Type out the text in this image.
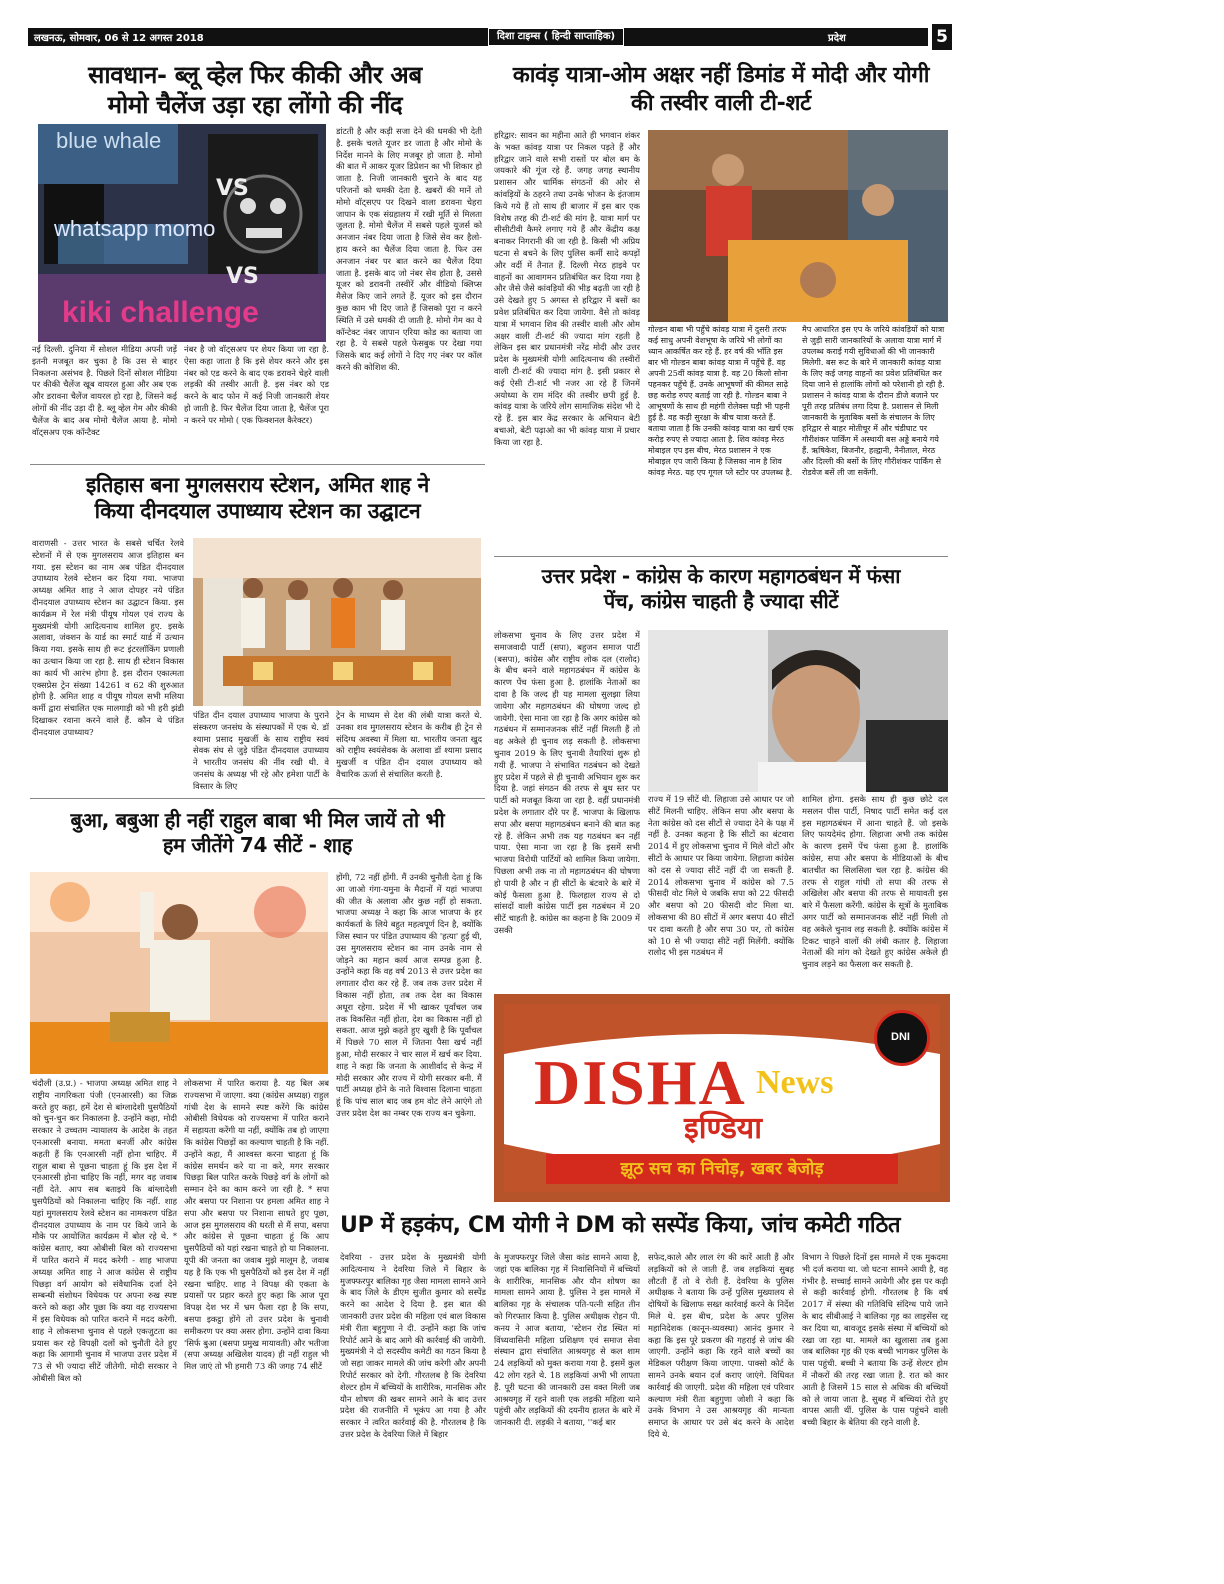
लखनऊ, सोमवार, 06 से 12 अगस्त 2018	दिशा टाइम्स ( हिन्दी साप्ताहिक)	प्रदेश	5
सावधान- ब्लू व्हेल फिर कीकी और अब
मोमो चैलेंज उड़ा रहा लोंगो की नींद
blue whale
VS
whatsapp momo
VS
kiki challenge
नई दिल्ली. दुनिया में सोशल मीडिया अपनी जड़ें इतनी मजबूत कर चुका है कि उस से बाहर निकलना असंभव है. पिछले दिनों सोशल मीडिया पर कीकी चैलेंज खूब वायरल हुआ और अब एक और डरावना चैलेंज वायरल हो रहा है, जिसने कई लोगों की नींद उड़ा दी है. ब्लू व्हेल गेम और कीकी चैलेंज के बाद अब मोमो चैलेंज आया है. मोमो वॉट्सअप एक कॉन्टैक्ट
नंबर है जो वॉट्सअप पर शेयर किया जा रहा है. ऐसा कहा जाता है कि इसे शेयर करने और इस नंबर को एड करने के बाद एक डरावने चेहरे वाली लड़की की तस्वीर आती है. इस नंबर को एड करने के बाद फोन में कई निजी जानकारी शेयर हो जाती है. फिर चैलेंज दिया जाता है, चैलेंज पूरा न करने पर मोमो ( एक फिक्शनल कैरेक्टर)
डांटती है और कड़ी सजा देने की धमकी भी देती है. इसके चलते यूजर डर जाता है और मोमो के निर्देश मानने के लिए मजबूर हो जाता है. मोमो की बात में आकर यूजर डिप्रेशन का भी शिकार हो जाता है. निजी जानकारी चुराने के बाद यह परिजनों को धमकी देता है. खबरों की मानें तो मोमो वॉट्सएप पर दिखने वाला डरावना चेहरा जापान के एक संग्रहालय में रखी मूर्ति से मिलता जुलता है. मोमो चैलेंज में सबसे पहले यूजर्स को अनजान नंबर दिया जाता है जिसे सेव कर हैलो-हाय करने का चैलेंज दिया जाता है. फिर उस अनजान नंबर पर बात करने का चैलेंज दिया जाता है. इसके बाद जो नंबर सेव होता है, उससे यूजर को डरावनी तस्वीरें और वीडियो क्लिप्स मैसेज किए जाने लगते हैं. यूजर को इस दौरान कुछ काम भी दिए जाते हैं जिसको पूरा न करने स्थिति में उसे धमकी दी जाती है. मोमो गेम का ये कॉन्टेक्ट नंबर जापान एरिया कोड का बताया जा रहा है. ये सबसे पहले फेसबुक पर देखा गया जिसके बाद कई लोगों ने दिए गए नंबर पर कॉल करने की कोशिश की.
कावंड़ यात्रा-ओम अक्षर नहीं डिमांड में मोदी और योगी
की तस्वीर वाली टी-शर्ट
हरिद्वार: सावन का महीना आते ही भगवान शंकर के भक्त कांवड़ यात्रा पर निकल पड़ते हैं और हरिद्वार जाने वाले सभी रास्तों पर बोल बम के जयकारे की गूंज रहे हैं. जगह जगह स्थानीय प्रशासन और धार्मिक संगठनों की ओर से कांवड़ियों के ठहरने तथा उनके भोजन के इंतजाम किये गये हैं तो साथ ही बाजार में इस बार एक विशेष तरह की टी-शर्ट की मांग है. यात्रा मार्ग पर सीसीटीवी कैमरे लगाए गये हैं और केंद्रीय कक्ष बनाकर निगरानी की जा रही है. किसी भी अप्रिय घटना से बचने के लिए पुलिस कर्मी सादे कपड़ों और वर्दी में तैनात हैं. दिल्ली मेरठ हाइवे पर वाहनों का आवागमन प्रतिबंधित कर दिया गया है और जैसे जैसे कांवड़ियों की भीड़ बढ़ती जा रही है उसे देखते हुए 5 अगस्त से हरिद्वार में बसों का प्रवेश प्रतिबंधित कर दिया जायेगा. वैसे तो कांवड़ यात्रा में भगवान शिव की तस्वीर वाली और ओम अक्षर वाली टी-शर्ट की ज्यादा मांग रहती है लेकिन इस बार प्रधानमंत्री नरेंद्र मोदी और उत्तर प्रदेश के मुख्यमंत्री योगी आदित्यनाथ की तस्वीरों वाली टी-शर्ट की ज्यादा मांग है. इसी प्रकार से कई ऐसी टी-शर्ट भी नजर आ रहे हैं जिनमें अयोध्या के राम मंदिर की तस्वीर छपी हुई है. कांवड़ यात्रा के जरिये लोग सामाजिक संदेश भी दे रहे हैं. इस बार केंद्र सरकार के अभियान बेटी बचाओ, बेटी पढ़ाओ का भी कांवड़ यात्रा में प्रचार किया जा रहा है.
गोल्डन बाबा भी पहुँचे कांवड़ यात्रा में दुसरी तरफ कई साधु अपनी वेशभूषा के जरिये भी लोगों का ध्यान आकर्षित कर रहे हैं. हर वर्ष की भाँति इस बार भी गोल्डन बाबा कांवड़ यात्रा में पहुँचे हैं. वह अपनी 25वीं कांवड़ यात्रा है. वह 20 किलो सोना पहनकर पहुँचे हैं. उनके आभूषणों की कीमत साढ़े छह करोड़ रुपए बताई जा रही है. गोल्डन बाबा ने आभूषणों के साथ ही महंगी रोलेक्स घड़ी भी पहनी हुई है. वह कड़ी सुरक्षा के बीच यात्रा करते हैं. बताया जाता है कि उनकी कांवड़ यात्रा का खर्च एक करोड़ रुपए से ज्यादा आता है. शिव कांवड़ मेरठ मोबाइल एप इस बीच, मेरठ प्रशासन ने एक मोबाइल एप जारी किया है जिसका नाम है शिव कांवड़ मेरठ. यह एप गूगल प्ले स्टोर पर उपलब्ध है.
मैप आधारित इस एप के जरिये कांवड़ियों को यात्रा से जुड़ी सारी जानकारियों के अलावा यात्रा मार्ग में उपलब्ध कराई गयी सुविधाओं की भी जानकारी मिलेगी. बस रूट के बारे में जानकारी कांवड़ यात्रा के लिए कई जगह वाहनों का प्रवेश प्रतिबंधित कर दिया जाने से हालांकि लोगों को परेशानी हो रही है. प्रशासन ने कांवड़ यात्रा के दौरान डीजे बजाने पर पूरी तरह प्रतिबंध लगा दिया है. प्रशासन से मिली जानकारी के मुताबिक बसों के संचालन के लिए हरिद्वार से बाहर मोतीचूर में और चंडीघाट पर गौरीशंकर पार्किंग में अस्थायी बस अड्डे बनाये गये हैं. ऋषिकेश, बिजनौर, हल्द्वानी, नैनीताल, मेरठ और दिल्ली की बसों के लिए गौरीशंकर पार्किंग से रोडवेज बसें ली जा सकेंगी.
इतिहास बना मुगलसराय स्टेशन, अमित शाह ने
किया दीनदयाल उपाध्याय स्टेशन का उद्घाटन
वाराणसी - उत्तर भारत के सबसे चर्चित रेलवे स्टेशनों में से एक मुगलसराय आज इतिहास बन गया. इस स्टेशन का नाम अब पंडित दीनदयाल उपाध्याय रेलवे स्टेशन कर दिया गया. भाजपा अध्यक्ष अमित शाह ने आज दोपहर नये पंडित दीनदयाल उपाध्याय स्टेशन का उद्घाटन किया. इस कार्यक्रम में रेल मंत्री पीयूष गोयल एवं राज्य के मुख्यमंत्री योगी आदित्यनाथ शामिल हुए. इसके अलावा, जंक्शन के यार्ड का स्मार्ट यार्ड में उत्थान किया गया. इसके साथ ही रूट इंटरलॉकिंग प्रणाली का उत्थान किया जा रहा है. साथ ही स्टेशन विकास का कार्य भी आरंभ होगा है. इस दौरान एकात्मता एक्सप्रेस ट्रेन संख्या 14261 व 62 की शुरुआत होगी है. अमित शाह व पीयूष गोयल सभी मलिया कर्मी द्वारा संचालित एक मालगाड़ी को भी हरी झंडी दिखाकर रवाना करने वाले हैं. कौन थे पंडित दीनदयाल उपाध्याय?
पंडित दीन दयाल उपाध्याय भाजपा के पुराने संस्करण जनसंघ के संस्थापकों में एक थे. डॉ श्यामा प्रसाद मुखर्जी के साथ राष्ट्रीय स्वयं सेवक संघ से जुड़े पंडित दीनदयाल उपाध्याय ने भारतीय जनसंघ की नींव रखी थी. वे जनसंघ के अध्यक्ष भी रहे और हमेशा पार्टी के विस्तार के लिए
ट्रेन के माध्यम से देश की लंबी यात्रा करते थे. उनका शव मुगलसराय स्टेशन के करीब ही ट्रेन से संदिग्ध अवस्था में मिला था. भारतीय जनता खुद को राष्ट्रीय स्वयंसेवक के अलावा डॉ श्यामा प्रसाद मुखर्जी व पंडित दीन दयाल उपाध्याय को वैचारिक ऊर्जा से संचालित करती है.
उत्तर प्रदेश - कांग्रेस के कारण महागठबंधन में फंसा
पेंच, कांग्रेस चाहती है ज्यादा सीटें
लोकसभा चुनाव के लिए उत्तर प्रदेश में समाजवादी पार्टी (सपा), बहुजन समाज पार्टी (बसपा), कांग्रेस और राष्ट्रीय लोक दल (रालोद) के बीच बनने वाले महागठबंधन में कांग्रेस के कारण पेंच फंसा हुआ है. हालांकि नेताओं का दावा है कि जल्द ही यह मामला सुलझा लिया जायेगा और महागठबंधन की घोषणा जल्द हो जायेगी. ऐसा माना जा रहा है कि अगर कांग्रेस को गठबंधन में सम्मानजनक सीटें नहीं मिलती हैं तो वह अकेले ही चुनाव लड़ सकती है. लोकसभा चुनाव 2019 के लिए चुनावी तैयारियां शुरू हो गयी हैं. भाजपा ने संभावित गठबंधन को देखते हुए प्रदेश में पहले से ही चुनावी अभियान शुरू कर दिया है. जहां संगठन की तरफ से बूथ स्तर पर पार्टी को मजबूत किया जा रहा है. वहीं प्रधानमंत्री प्रदेश के लगातार दौरे पर हैं. भाजपा के खिलाफ सपा और बसपा महागठबंधन बनाने की बात कह रहे हैं. लेकिन अभी तक यह गठबंधन बन नहीं पाया. ऐसा माना जा रहा है कि इसमें सभी भाजपा विरोधी पार्टियों को शामिल किया जायेगा. पिछला अभी तक ना तो महागठबंधन की घोषणा हो पायी है और न ही सीटों के बंटवारे के बारे में कोई फैसला हुआ है. फिलहाल राज्य से दो सांसदों वाली कांग्रेस पार्टी इस गठबंधन में 20 सीटें चाहती है. कांग्रेस का कहना है कि 2009 में उसकी
राज्य में 19 सीटें थी. लिहाजा उसे आधार पर जो सीटें मिलनी चाहिए. लेकिन सपा और बसपा के नेता कांग्रेस को दस सीटों से ज्यादा देने के पक्ष में नहीं है. उनका कहना है कि सीटों का बंटवारा 2014 में हुए लोकसभा चुनाव में मिले वोटों और सीटों के आधार पर किया जायेगा. लिहाजा कांग्रेस को दस से ज्यादा सीटें नहीं दी जा सकती हैं. 2014 लोकसभा चुनाव में कांग्रेस को 7.5 फीसदी वोट मिले थे जबकि सपा को 22 फीसदी और बसपा को 20 फीसदी वोट मिला था. लोकसभा की 80 सीटों में अगर बसपा 40 सीटों पर दावा करती है और सपा 30 पर, तो कांग्रेस को 10 से भी ज्यादा सीटें नहीं मिलेंगी. क्योंकि रालोद भी इस गठबंधन में
शामिल होगा. इसके साथ ही कुछ छोटे दल मसलन पीस पार्टी, निषाद पार्टी समेत कई दल इस महागठबंधन में आना चाहते हैं. जो इसके लिए फायदेमंद होगा. लिहाजा अभी तक कांग्रेस के कारण इसमें पेंच फंसा हुआ है. हालांकि कांग्रेस, सपा और बसपा के मीडियाओं के बीच बातचीत का सिलसिला चल रहा है. कांग्रेस की तरफ से राहुल गांधी तो सपा की तरफ से अखिलेश और बसपा की तरफ से मायावती इस बारे में फैसला करेंगी. कांग्रेस के सूत्रों के मुताबिक अगर पार्टी को सम्मानजनक सीटें नहीं मिली तो वह अकेले चुनाव लड़ सकती है. क्योंकि कांग्रेस में टिकट चाहने वालों की लंबी कतार है. लिहाजा नेताओं की मांग को देखते हुए कांग्रेस अकेले ही चुनाव लड़ने का फैसला कर सकती है.
बुआ, बबुआ ही नहीं राहुल बाबा भी मिल जायें तो भी
हम जीतेंगे 74 सीटें - शाह
चंदौली (उ.प्र.) - भाजपा अध्यक्ष अमित शाह ने राष्ट्रीय नागरिकता पंजी (एनआरसी) का जिक्र करते हुए कहा, हमें देश से बांग्लादेशी घुसपैठियों को चुन-चुन कर निकालना है. उन्होंने कहा, मोदी सरकार ने उच्चतम न्यायालय के आदेश के तहत एनआरसी बनाया. ममता बनर्जी और कांग्रेस कहती हैं कि एनआरसी नहीं होना चाहिए. मैं राहुल बाबा से पूछना चाहता हूं कि इस देश में एनआरसी होना चाहिए कि नहीं, मगर वह जवाब नहीं देते. आप सब बताइये कि बांग्लादेशी घुसपैठियों को निकालना चाहिए कि नहीं. शाह यहां मुगलसराय रेलवे स्टेशन का नामकरण पंडित दीनदयाल उपाध्याय के नाम पर किये जाने के मौके पर आयोजित कार्यक्रम में बोल रहे थे. * कांग्रेस बताए, क्या ओबीसी बिल को राज्यसभा में पारित कराने में मदद करेगी - शाह भाजपा अध्यक्ष अमित शाह ने आज कांग्रेस से राष्ट्रीय पिछड़ा वर्ग आयोग को संवैधानिक दर्जा देने सम्बन्धी संशोधन विधेयक पर अपना रुख स्पष्ट करने को कहा और पूछा कि क्या वह राज्यसभा में इस विधेयक को पारित कराने में मदद करेगी. शाह ने लोकसभा चुनाव से पहले एकजुटता का प्रयास कर रहे विपक्षी दलों को चुनौती देते हुए कहा कि आगामी चुनाव में भाजपा उत्तर प्रदेश में 73 से भी ज्यादा सीटें जीतेगी. मोदी सरकार ने ओबीसी बिल को
लोकसभा में पारित कराया है. यह बिल अब राज्यसभा में जाएगा. क्या (कांग्रेस अध्यक्ष) राहुल गांधी देश के सामने स्पष्ट करेंगे कि कांग्रेस ओबीसी विधेयक को राज्यसभा में पारित कराने में सहायता करेंगी या नहीं, क्योंकि तब हो जाएगा कि कांग्रेस पिछड़ों का कल्याण चाहती है कि नहीं. उन्होंने कहा, मैं आश्वस्त करना चाहता हूं कि कांग्रेस समर्थन करे या ना करे, मगर सरकार पिछड़ा बिल पारित करके पिछड़े वर्ग के लोगों को सम्मान देने का काम करने जा रही है. * सपा और बसपा पर निशाना पर हमला अमित शाह ने सपा और बसपा पर निशाना साधते हुए पूछा, आज इस मुगलसराय की धरती से मैं सपा, बसपा और कांग्रेस से पूछना चाहता हूं कि आप घुसपैठियों को यहां रखना चाहते हो या निकालना. यूपी की जनता का जवाब मुझे मालूम है, जवाब यह है कि एक भी घुसपैठियों को इस देश में नहीं रखना चाहिए. शाह ने विपक्ष की एकता के प्रयासों पर प्रहार करते हुए कहा कि आज पूरा विपक्ष देश भर में भ्रम फैला रहा है कि सपा, बसपा इकट्ठा होंगे तो उत्तर प्रदेश के चुनावी समीकरण पर क्या असर होगा. उन्होंने दावा किया 'सिर्फ बुआ (बसपा प्रमुख मायावती) और भतीजा (सपा अध्यक्ष अखिलेश यादव) ही नहीं राहुल भी मिल जाएं तो भी हमारी 73 की जगह 74 सीटें
होंगी, 72 नहीं होंगी. मैं उनकी चुनौती देता हूं कि आ जाओ गंगा-यमुना के मैदानों में यहां भाजपा की जीत के अलावा और कुछ नहीं हो सकता. भाजपा अध्यक्ष ने कहा कि आज भाजपा के हर कार्यकर्ता के लिये बहुत महत्वपूर्ण दिन है, क्योंकि जिस स्थान पर पंडित उपाध्याय की 'हत्या' हुई थी, उस मुगलसराय स्टेशन का नाम उनके नाम से जोड़ने का महान कार्य आज सम्पन्न हुआ है. उन्होंने कहा कि वह वर्ष 2013 से उत्तर प्रदेश का लगातार दौरा कर रहे हैं. जब तक उत्तर प्रदेश में विकास नहीं होता, तब तक देश का विकास अधूरा रहेगा. प्रदेश में भी खाकर पूर्वांचल जब तक विकसित नहीं होता, देश का विकास नहीं हो सकता. आज मुझे कहते हुए खुशी है कि पूर्वांचल में पिछले 70 साल में जितना पैसा खर्च नहीं हुआ, मोदी सरकार ने चार साल में खर्च कर दिया. शाह ने कहा कि जनता के आशीर्वाद से केन्द्र में मोदी सरकार और राज्य में योगी सरकार बनी. मैं पार्टी अध्यक्ष होने के नाते विश्वास दिलाना चाहता हूं कि पांच साल बाद जब हम वोट लेने आएंगे तो उत्तर प्रदेश देश का नम्बर एक राज्य बन चुकेगा.
DNI
DISHA News
इण्डिया
झूठ सच का निचोड़, खबर बेजोड़
UP में हड़कंप, CM योगी ने DM को सस्पेंड किया, जांच कमेटी गठित
देवरिया - उत्तर प्रदेश के मुख्यमंत्री योगी आदित्यनाथ ने देवरिया जिले में बिहार के मुजफ्फरपुर बालिका गृह जैसा मामला सामने आने के बाद जिले के डीएम सुजीत कुमार को सस्पेंड करने का आदेश दे दिया है. इस बात की जानकारी उत्तर प्रदेश की महिला एवं बाल विकास मंत्री रीता बहुगुणा ने दी. उन्होंने कहा कि जांच रिपोर्ट आने के बाद आगे की कार्रवाई की जायेगी. मुख्यमंत्री ने दो सदस्यीय कमेटी का गठन किया है जो सहा जाकर मामले की जांच करेगी और अपनी रिपोर्ट सरकार को देगी. गौरतलब है कि देवरिया शेल्टर होम में बच्चियों के शारीरिक, मानसिक और यौन शोषण की खबर सामने आने के बाद उत्तर प्रदेश की राजनीति में भूकंप आ गया है और सरकार ने त्वरित कार्रवाई की है. गौरतलब है कि उत्तर प्रदेश के देवरिया जिले में बिहार
के मुजफ्फरपुर जिले जैसा कांड सामने आया है, जहां एक बालिका गृह में निवासिनियों में बच्चियों के शारीरिक, मानसिक और यौन शोषण का मामला सामने आया है. पुलिस ने इस मामले में बालिका गृह के संचालक पति-पत्नी सहित तीन को गिरफ्तार किया है. पुलिस अधीक्षक रोहन पी. कनय ने आज बताया, 'स्टेशन रोड स्थित मां विंध्यवासिनी महिला प्रशिक्षण एवं समाज सेवा संस्थान द्वारा संचालित आश्रयगृह से कल शाम 24 लड़कियों को मुक्त कराया गया है. इसमें कुल 42 लोग रहते थे. 18 लड़कियां अभी भी लापता हैं. पूरी घटना की जानकारी उस वक्त मिली जब आश्रयगृह में रहने वाली एक लड़की महिला थाने पहुंची और लड़कियों की दयनीय हालत के बारे में जानकारी दी. लड़की ने बताया, ''कई बार
सफेद,काले और लाल रंग की कारें आती हैं और लड़कियों को ले जाती हैं. जब लड़कियां सुबह लौटती हैं तो वे रोती हैं. देवरिया के पुलिस अधीक्षक ने बताया कि उन्हें पुलिस मुख्यालय से दोषियों के खिलाफ सख्त कार्रवाई करने के निर्देश मिले थे. इस बीच, प्रदेश के अपर पुलिस महानिदेशक (कानून-व्यवस्था) आनंद कुमार ने कहा कि इस पूरे प्रकरण की गहराई से जांच की जाएगी. उन्होंने कहा कि रहने वाले बच्चों का मेडिकल परीक्षण किया जाएगा. पाक्सो कोर्ट के सामने उनके बयान दर्ज कराए जाएंगे. विधिवत कार्रवाई की जाएगी. प्रदेश की महिला एवं परिवार कल्याण मंत्री रीता बहुगुणा जोशी ने कहा कि उनके विभाग ने उस आश्रयगृह की मान्यता समाप्त के आधार पर उसे बंद करने के आदेश दिये थे.
विभाग ने पिछले दिनों इस मामले में एक मुकदमा भी दर्ज कराया था. जो घटना सामने आयी है, वह गंभीर है. सच्चाई सामने आयेगी और इस पर कड़ी से कड़ी कार्रवाई होगी. गौरतलब है कि वर्ष 2017 में संस्था की गतिविधि संदिग्ध पाये जाने के बाद सीबीआई ने बालिका गृह का लाइसेंस रद्द कर दिया था, बावजूद इसके संस्था में बच्चियों को रखा जा रहा था. मामले का खुलासा तब हुआ जब बालिका गृह की एक बच्ची भागकर पुलिस के पास पहुंची. बच्ची ने बताया कि उन्हें शेल्टर होम में नौकरों की तरह रखा जाता है. रात को कार आती है जिसमें 15 साल से अधिक की बच्चियों को ले जाया जाता है. सुबह में बच्चियां रोते हुए वापस आती थीं. पुलिस के पास पहुंचने वाली बच्ची बिहार के बेतिया की रहने वाली है.
